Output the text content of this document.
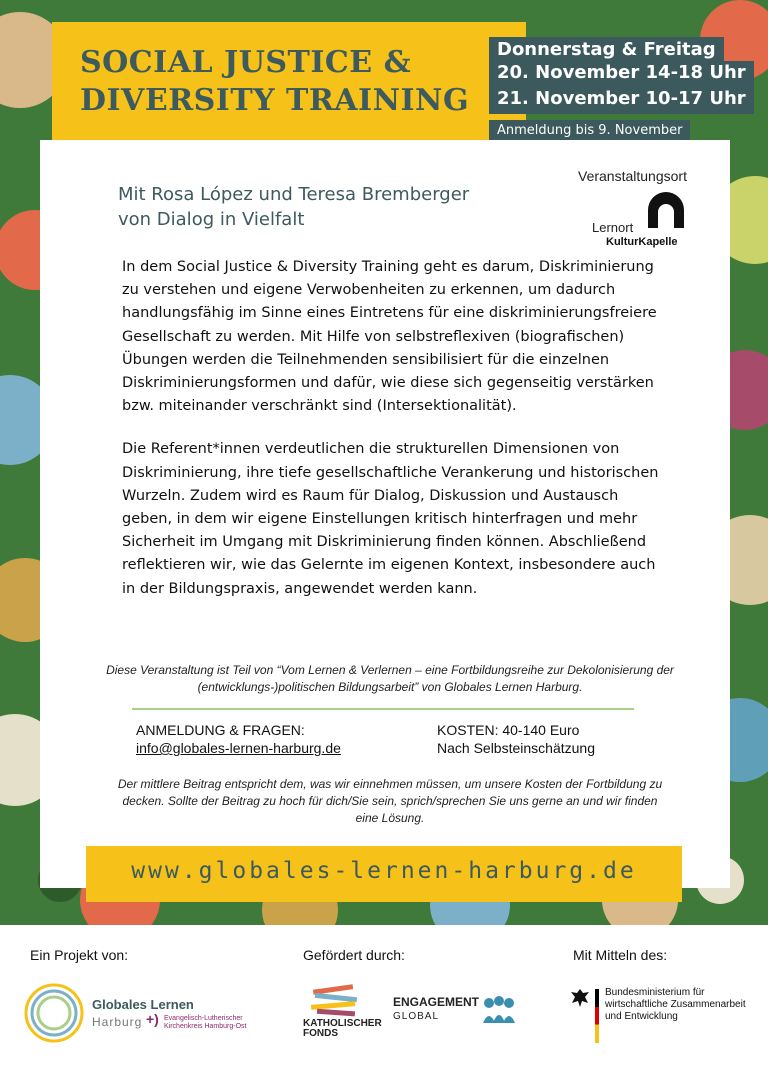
SOCIAL JUSTICE &
DIVERSITY TRAINING
Donnerstag & Freitag
20. November 14-18 Uhr
21. November 10-17 Uhr
Anmeldung bis 9. November
Veranstaltungsort
Lernort
KulturKapelle
Mit Rosa López und Teresa Bremberger
von Dialog in Vielfalt

In dem Social Justice & Diversity Training geht es darum, Diskriminierung zu verstehen und eigene Verwobenheiten zu erkennen, um dadurch handlungsfähig im Sinne eines Eintretens für eine diskriminierungsfreiere Gesellschaft zu werden. Mit Hilfe von selbstreflexiven (biografischen) Übungen werden die Teilnehmenden sensibilisiert für die einzelnen Diskriminierungsformen und dafür, wie diese sich gegenseitig verstärken bzw. miteinander verschränkt sind (Intersektionalität).

Die Referent*innen verdeutlichen die strukturellen Dimensionen von Diskriminierung, ihre tiefe gesellschaftliche Verankerung und historischen Wurzeln. Zudem wird es Raum für Dialog, Diskussion und Austausch geben, in dem wir eigene Einstellungen kritisch hinterfragen und mehr Sicherheit im Umgang mit Diskriminierung finden können. Abschließend reflektieren wir, wie das Gelernte im eigenen Kontext, insbesondere auch in der Bildungspraxis, angewendet werden kann.

Diese Veranstaltung ist Teil von “Vom Lernen & Verlernen – eine Fortbildungsreihe zur Dekolonisierung der (entwicklungs-)politischen Bildungsarbeit” von Globales Lernen Harburg.
ANMELDUNG & FRAGEN:
info@globales-lernen-harburg.de
KOSTEN: 40-140 Euro
Nach Selbsteinschätzung
Der mittlere Beitrag entspricht dem, was wir einnehmen müssen, um unsere Kosten der Fortbildung zu decken. Sollte der Beitrag zu hoch für dich/Sie sein, sprich/sprechen Sie uns gerne an und wir finden eine Lösung.
www.globales-lernen-harburg.de
Ein Projekt von:	Gefördert durch:	Mit Mitteln des:
Globales Lernen
Harburg +) Evangelisch-Lutherischer Kirchenkreis Hamburg-Ost	KATHOLISCHER FONDS
ENGAGEMENT
GLOBAL
Bundesministerium für wirtschaftliche Zusammenarbeit und Entwicklung
